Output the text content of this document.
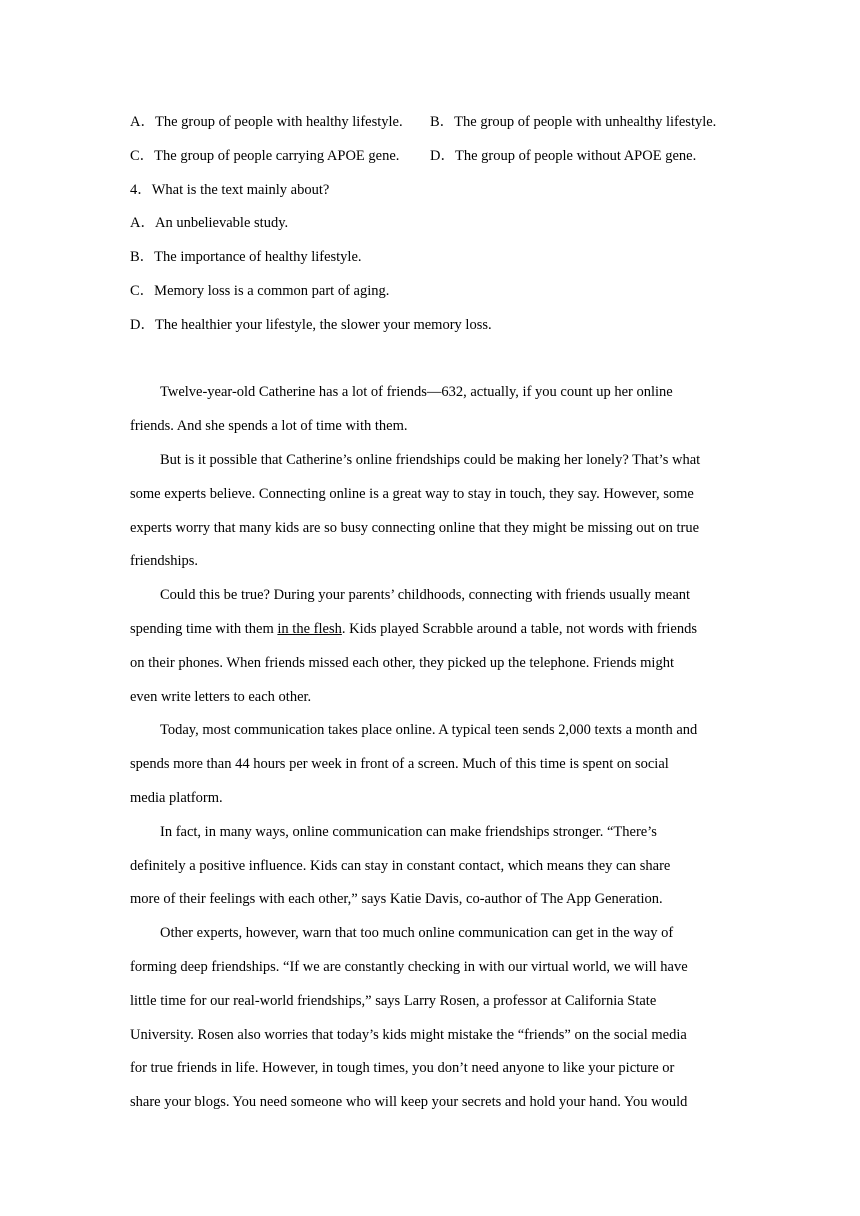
A．The group of people with healthy lifestyle. B．The group of people with unhealthy lifestyle.
C．The group of people carrying APOE gene. D．The group of people without APOE gene.
4．What is the text mainly about?
A．An unbelievable study.
B．The importance of healthy lifestyle.
C．Memory loss is a common part of aging.
D．The healthier your lifestyle, the slower your memory loss.
Twelve-year-old Catherine has a lot of friends—632, actually, if you count up her online
friends. And she spends a lot of time with them.
But is it possible that Catherine’s online friendships could be making her lonely? That’s what
some experts believe. Connecting online is a great way to stay in touch, they say. However, some
experts worry that many kids are so busy connecting online that they might be missing out on true
friendships.
Could this be true? During your parents’ childhoods, connecting with friends usually meant
spending time with them in the flesh. Kids played Scrabble around a table, not words with friends
on their phones. When friends missed each other, they picked up the telephone. Friends might
even write letters to each other.
Today, most communication takes place online. A typical teen sends 2,000 texts a month and
spends more than 44 hours per week in front of a screen. Much of this time is spent on social
media platform.
In fact, in many ways, online communication can make friendships stronger. “There’s
definitely a positive influence. Kids can stay in constant contact, which means they can share
more of their feelings with each other,” says Katie Davis, co-author of The App Generation.
Other experts, however, warn that too much online communication can get in the way of
forming deep friendships. “If we are constantly checking in with our virtual world, we will have
little time for our real-world friendships,” says Larry Rosen, a professor at California State
University. Rosen also worries that today’s kids might mistake the “friends” on the social media
for true friends in life. However, in tough times, you don’t need anyone to like your picture or
share your blogs. You need someone who will keep your secrets and hold your hand. You would
